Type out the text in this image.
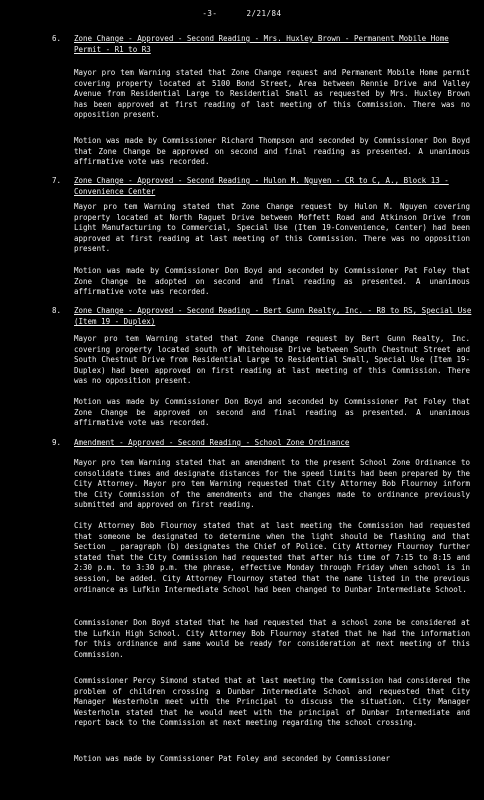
-3-	2/21/84
6. Zone Change - Approved - Second Reading - Mrs. Huxley Brown - Permanent Mobile Home Permit - R1 to R3

Mayor pro tem Warning stated that Zone Change request and Permanent Mobile Home permit covering property located at 5100 Bond Street, Area between Rennie Drive and Valley Avenue from Residential Large to Residential Small as requested by Mrs. Huxley Brown has been approved at first reading of last meeting of this Commission. There was no opposition present.

Motion was made by Commissioner Richard Thompson and seconded by Commissioner Don Boyd that Zone Change be approved on second and final reading as presented. A unanimous affirmative vote was recorded.

7. Zone Change - Approved - Second Reading - Hulon M. Nguyen - CR to C, A., Block 13 - Convenience Center

Mayor pro tem Warning stated that Zone Change request by Hulon M. Nguyen covering property located at North Raguet Drive between Moffett Road and Atkinson Drive from Light Manufacturing to Commercial, Special Use (Item 19-Convenience, Center) had been approved at first reading at last meeting of this Commission. There was no opposition present.

Motion was made by Commissioner Don Boyd and seconded by Commissioner Pat Foley that Zone Change be adopted on second and final reading as presented. A unanimous affirmative vote was recorded.

8. Zone Change - Approved - Second Reading - Bert Gunn Realty, Inc. - R8 to RS, Special Use (Item 19 - Duplex)

Mayor pro tem Warning stated that Zone Change request by Bert Gunn Realty, Inc. covering property located south of Whitehouse Drive between South Chestnut Street and South Chestnut Drive from Residential Large to Residential Small, Special Use (Item 19-Duplex) had been approved on first reading at last meeting of this Commission. There was no opposition present.

Motion was made by Commissioner Don Boyd and seconded by Commissioner Pat Foley that Zone Change be approved on second and final reading as presented. A unanimous affirmative vote was recorded.

9. Amendment - Approved - Second Reading - School Zone Ordinance

Mayor pro tem Warning stated that an amendment to the present School Zone Ordinance to consolidate times and designate distances for the speed limits had been prepared by the City Attorney. Mayor pro tem Warning requested that City Attorney Bob Flournoy inform the City Commission of the amendments and the changes made to ordinance previously submitted and approved on first reading.

City Attorney Bob Flournoy stated that at last meeting the Commission had requested that someone be designated to determine when the light should be flashing and that Section _ paragraph (b) designates the Chief of Police. City Attorney Flournoy further stated that the City Commission had requested that after his time of 7:15 to 8:15 and 2:30 p.m. to 3:30 p.m. the phrase, effective Monday through Friday when school is in session, be added. City Attorney Flournoy stated that the name listed in the previous ordinance as Lufkin Intermediate School had been changed to Dunbar Intermediate School.

Commissioner Don Boyd stated that he had requested that a school zone be considered at the Lufkin High School. City Attorney Bob Flournoy stated that he had the information for this ordinance and same would be ready for consideration at next meeting of this Commission.

Commissioner Percy Simond stated that at last meeting the Commission had considered the problem of children crossing a Dunbar Intermediate School and requested that City Manager Westerholm meet with the Principal to discuss the situation. City Manager Westerholm stated that he would meet with the principal of Dunbar Intermediate and report back to the Commission at next meeting regarding the school crossing.

Motion was made by Commissioner Pat Foley and seconded by Commissioner
